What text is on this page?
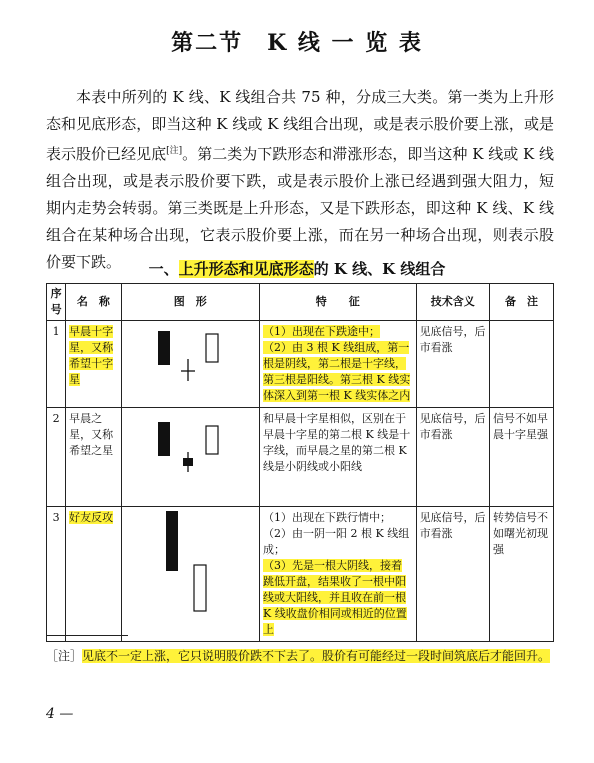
第二节　K 线 一 览 表

本表中所列的 K 线、K 线组合共 75 种，分成三大类。第一类为上升形态和见底形态，即当这种 K 线或 K 线组合出现，或是表示股价要上涨，或是表示股价已经见底[注]。第二类为下跌形态和滞涨形态，即当这种 K 线或 K 线组合出现，或是表示股价要下跌，或是表示股价上涨已经遇到强大阻力，短期内走势会转弱。第三类既是上升形态，又是下跌形态，即这种 K 线、K 线组合在某种场合出现，它表示股价要上涨，而在另一种场合出现，则表示股价要下跌。	一、上升形态和见底形态的 K 线、K 线组合
序号	名　称	图　形	特　　征	技术含义	备　注
1	早晨十字星，又称希望十字星		（1）出现在下跌途中；
（2）由 3 根 K 线组成，第一根是阴线，第二根是十字线，第三根是阳线。第三根 K 线实体深入到第一根 K 线实体之内	见底信号，后市看涨	
2	早晨之星，又称希望之星		和早晨十字星相似，区别在于早晨十字星的第二根 K 线是十字线，而早晨之星的第二根 K 线是小阴线或小阳线	见底信号，后市看涨	信号不如早晨十字星强
3	好友反攻		（1）出现在下跌行情中；
（2）由一阴一阳 2 根 K 线组成；
（3）先是一根大阴线，接着跳低开盘，结果收了一根中阳线或大阳线，并且收在前一根 K 线收盘价相同或相近的位置上	见底信号，后市看涨	转势信号不如曙光初现强
［注］见底不一定上涨，它只说明股价跌不下去了。股价有可能经过一段时间筑底后才能回升。
4 —
